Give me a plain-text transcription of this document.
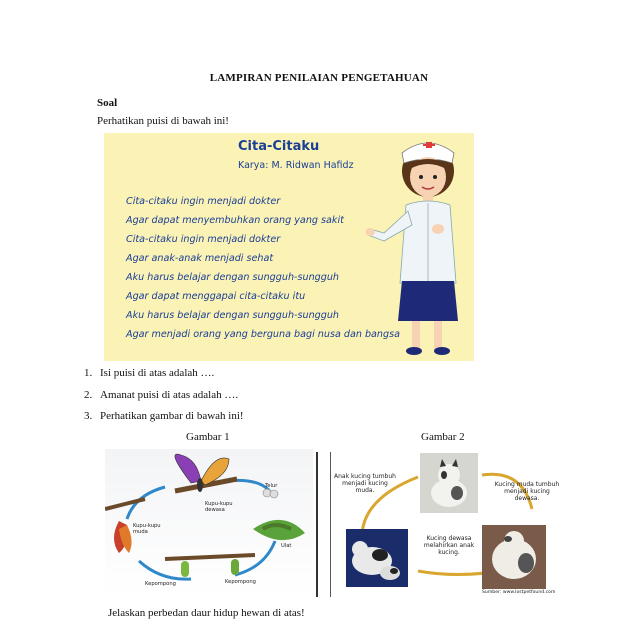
LAMPIRAN PENILAIAN PENGETAHUAN
Soal
Perhatikan puisi di bawah ini!
Cita-Citaku
Karya: M. Ridwan Hafidz
Cita-citaku ingin menjadi dokter
Agar dapat menyembuhkan orang yang sakit
Cita-citaku ingin menjadi dokter
Agar anak-anak menjadi sehat
Aku harus belajar dengan sungguh-sungguh
Agar dapat menggapai cita-citaku itu
Aku harus belajar dengan sungguh-sungguh
Agar menjadi orang yang berguna bagi nusa dan bangsa
1. Isi puisi di atas adalah ….
2. Amanat puisi di atas adalah ….
3. Perhatikan gambar di bawah ini!
Gambar 1	Gambar 2
Telur
Kupu-kupu dewasa
Kupu-kupu muda
Ulat
Kepompong	Kepompong
Anak kucing tumbuh menjadi kucing muda.
Kucing muda tumbuh menjadi kucing dewasa.
Kucing dewasa melahirkan anak kucing.
Sumber: www.lostpetfound.com
Jelaskan perbedan daur hidup hewan di atas!
